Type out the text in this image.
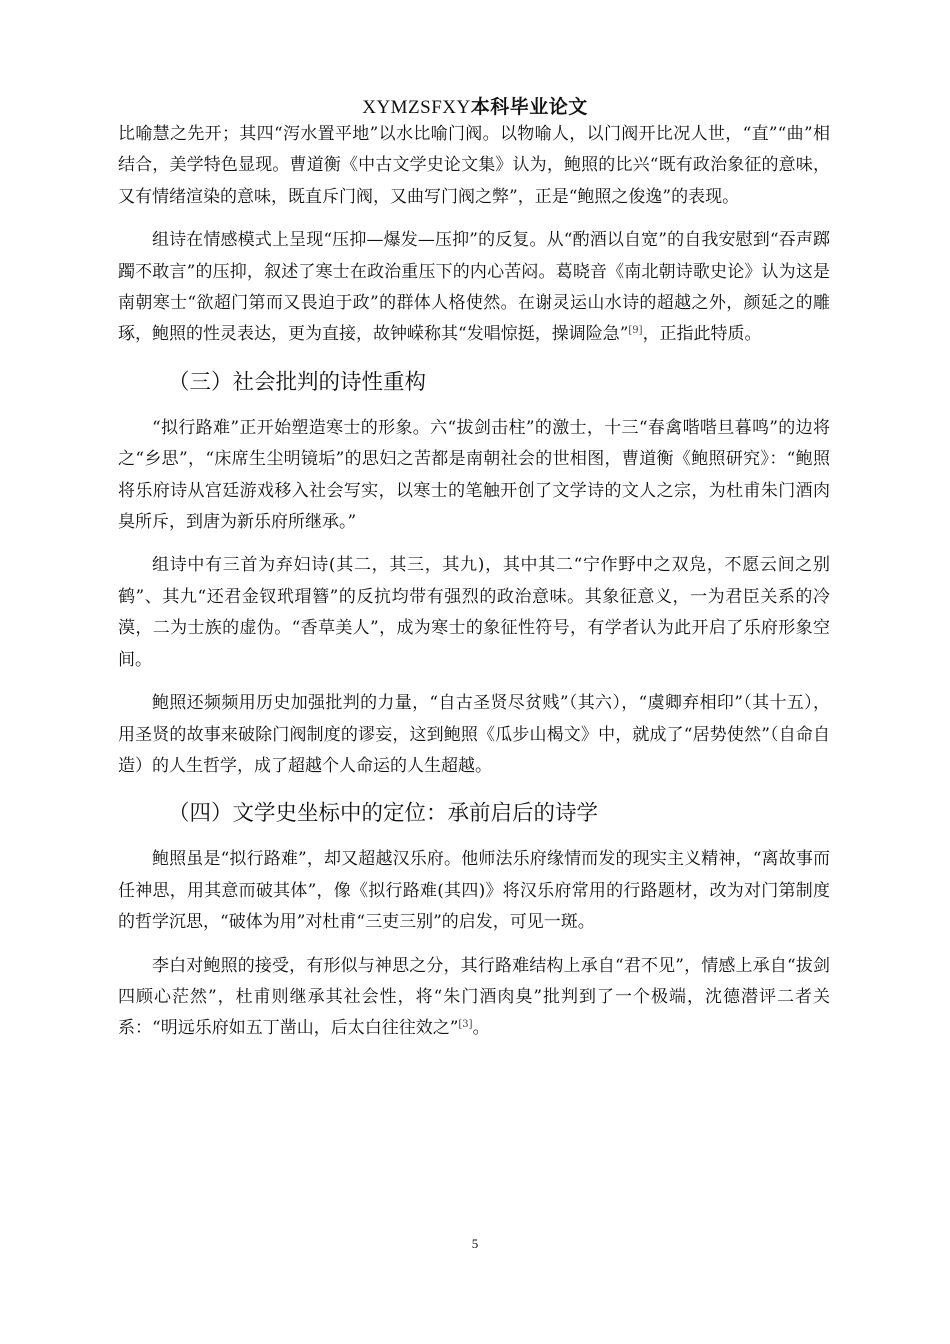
XYMZSFXY本科毕业论文

比喻慧之先开；其四“泻水置平地”以水比喻门阀。以物喻人，以门阀开比况人世，“直”“曲”相结合，美学特色显现。曹道衡《中古文学史论文集》认为，鲍照的比兴“既有政治象征的意味，又有情绪渲染的意味，既直斥门阀，又曲写门阀之弊”，正是“鲍照之俊逸”的表现。

组诗在情感模式上呈现“压抑—爆发—压抑”的反复。从“酌酒以自宽”的自我安慰到“吞声踯躅不敢言”的压抑，叙述了寒士在政治重压下的内心苦闷。葛晓音《南北朝诗歌史论》认为这是南朝寒士“欲超门第而又畏迫于政”的群体人格使然。在谢灵运山水诗的超越之外，颜延之的雕琢，鲍照的性灵表达，更为直接，故钟嵘称其“发唱惊挺，操调险急”[9]，正指此特质。

（三）社会批判的诗性重构

“拟行路难”正开始塑造寒士的形象。六“拔剑击柱”的激士，十三“春禽喈喈旦暮鸣”的边将之“乡思”，“床席生尘明镜垢”的思妇之苦都是南朝社会的世相图，曹道衡《鲍照研究》：“鲍照将乐府诗从宫廷游戏移入社会写实，以寒士的笔触开创了文学诗的文人之宗，为杜甫朱门酒肉臭所斥，到唐为新乐府所继承。”

组诗中有三首为弃妇诗(其二，其三，其九)，其中其二“宁作野中之双凫，不愿云间之别鹤”、其九“还君金钗玳瑁簪”的反抗均带有强烈的政治意味。其象征意义，一为君臣关系的冷漠，二为士族的虚伪。“香草美人”，成为寒士的象征性符号，有学者认为此开启了乐府形象空间。

鲍照还频频用历史加强批判的力量，“自古圣贤尽贫贱”（其六），“虞卿弃相印”（其十五），用圣贤的故事来破除门阀制度的谬妄，这到鲍照《瓜步山楬文》中，就成了“居势使然”（自命自造）的人生哲学，成了超越个人命运的人生超越。

（四）文学史坐标中的定位：承前启后的诗学

鲍照虽是“拟行路难”，却又超越汉乐府。他师法乐府缘情而发的现实主义精神，“离故事而任神思，用其意而破其体”，像《拟行路难(其四)》将汉乐府常用的行路题材，改为对门第制度的哲学沉思，“破体为用”对杜甫“三吏三别”的启发，可见一斑。

李白对鲍照的接受，有形似与神思之分，其行路难结构上承自“君不见”，情感上承自“拔剑四顾心茫然”，杜甫则继承其社会性，将“朱门酒肉臭”批判到了一个极端，沈德潜评二者关系：“明远乐府如五丁凿山，后太白往往效之”[3]。

5
